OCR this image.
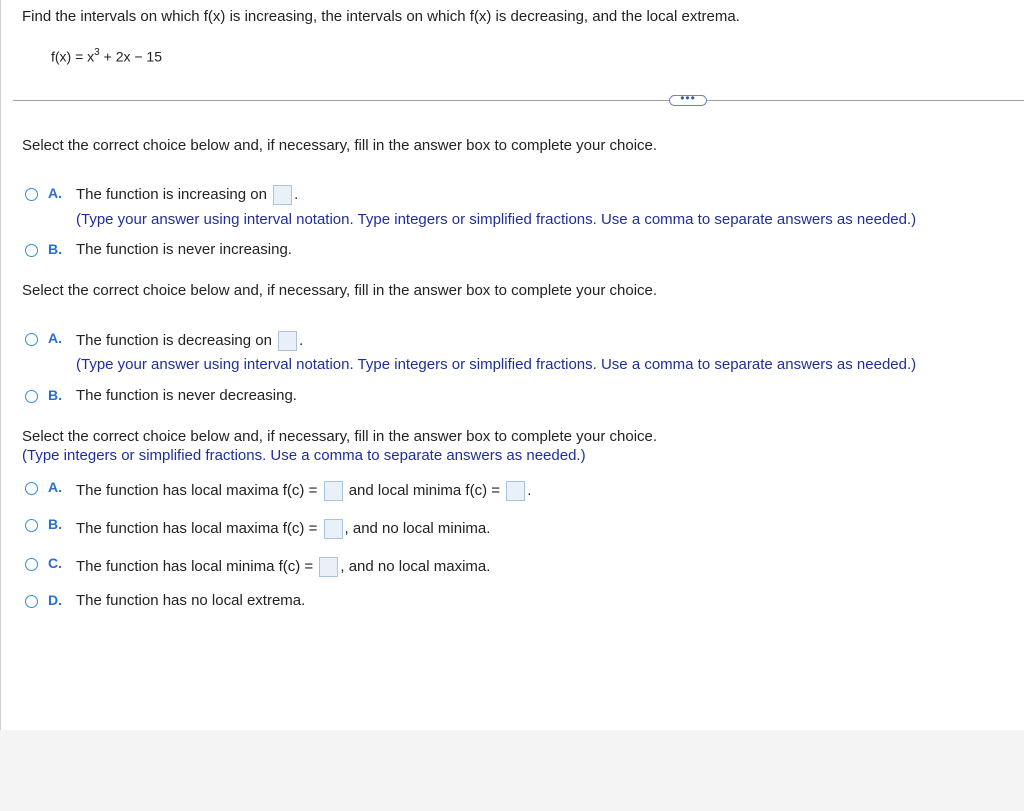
Find the intervals on which f(x) is increasing, the intervals on which f(x) is decreasing, and the local extrema.
$f(x) = x^3 + 2x - 15$
•••
Select the correct choice below and, if necessary, fill in the answer box to complete your choice.
A. The function is increasing on .
(Type your answer using interval notation. Type integers or simplified fractions. Use a comma to separate answers as needed.)
B. The function is never increasing.
Select the correct choice below and, if necessary, fill in the answer box to complete your choice.
A. The function is decreasing on .
(Type your answer using interval notation. Type integers or simplified fractions. Use a comma to separate answers as needed.)
B. The function is never decreasing.
Select the correct choice below and, if necessary, fill in the answer box to complete your choice.
(Type integers or simplified fractions. Use a comma to separate answers as needed.)
A. The function has local maxima f(c) = and local minima f(c) = .
B. The function has local maxima f(c) = , and no local minima.
C. The function has local minima f(c) = , and no local maxima.
D. The function has no local extrema.
